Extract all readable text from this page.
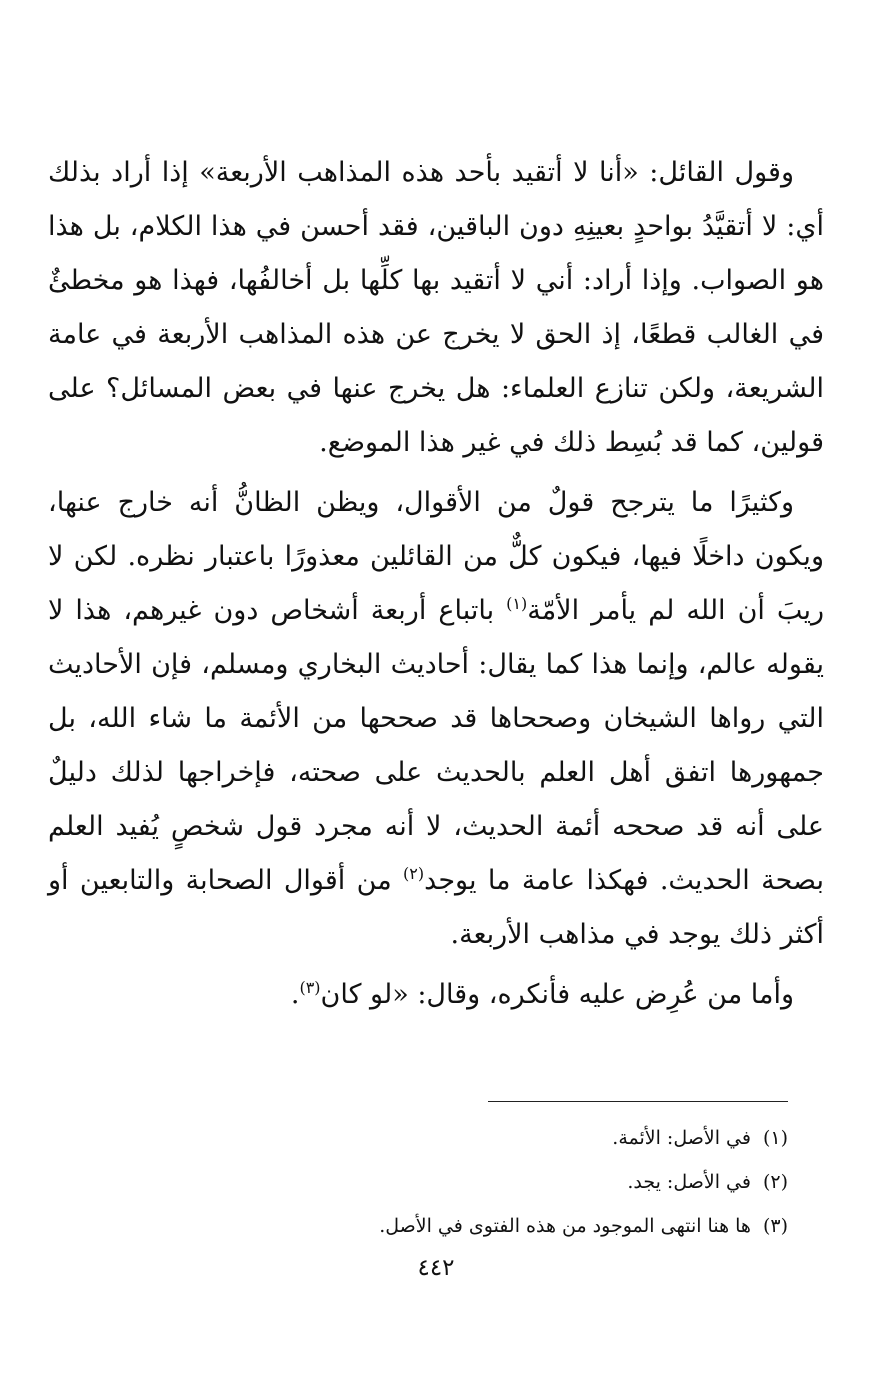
وقول القائل: «أنا لا أتقيد بأحد هذه المذاهب الأربعة» إذا أراد بذلك أي: لا أتقيَّدُ بواحدٍ بعينِهِ دون الباقين، فقد أحسن في هذا الكلام، بل هذا هو الصواب. وإذا أراد: أني لا أتقيد بها كلِّها بل أخالفُها، فهذا هو مخطئٌ في الغالب قطعًا، إذ الحق لا يخرج عن هذه المذاهب الأربعة في عامة الشريعة، ولكن تنازع العلماء: هل يخرج عنها في بعض المسائل؟ على قولين، كما قد بُسِط ذلك في غير هذا الموضع.

وكثيرًا ما يترجح قولٌ من الأقوال، ويظن الظانُّ أنه خارج عنها، ويكون داخلًا فيها، فيكون كلٌّ من القائلين معذورًا باعتبار نظره. لكن لا ريبَ أن الله لم يأمر الأمّة$^{(١)}$ باتباع أربعة أشخاص دون غيرهم، هذا لا يقوله عالم، وإنما هذا كما يقال: أحاديث البخاري ومسلم، فإن الأحاديث التي رواها الشيخان وصححاها قد صححها من الأئمة ما شاء الله، بل جمهورها اتفق أهل العلم بالحديث على صحته، فإخراجها لذلك دليلٌ على أنه قد صححه أئمة الحديث، لا أنه مجرد قول شخصٍ يُفيد العلم بصحة الحديث. فهكذا عامة ما يوجد$^{(٢)}$ من أقوال الصحابة والتابعين أو أكثر ذلك يوجد في مذاهب الأربعة.

وأما من عُرِض عليه فأنكره، وقال: «لو كان$^{(٣)}$.

(١)في الأصل: الأئمة.
(٢)في الأصل: يجد.
(٣)ها هنا انتهى الموجود من هذه الفتوى في الأصل.
٤٤٢
